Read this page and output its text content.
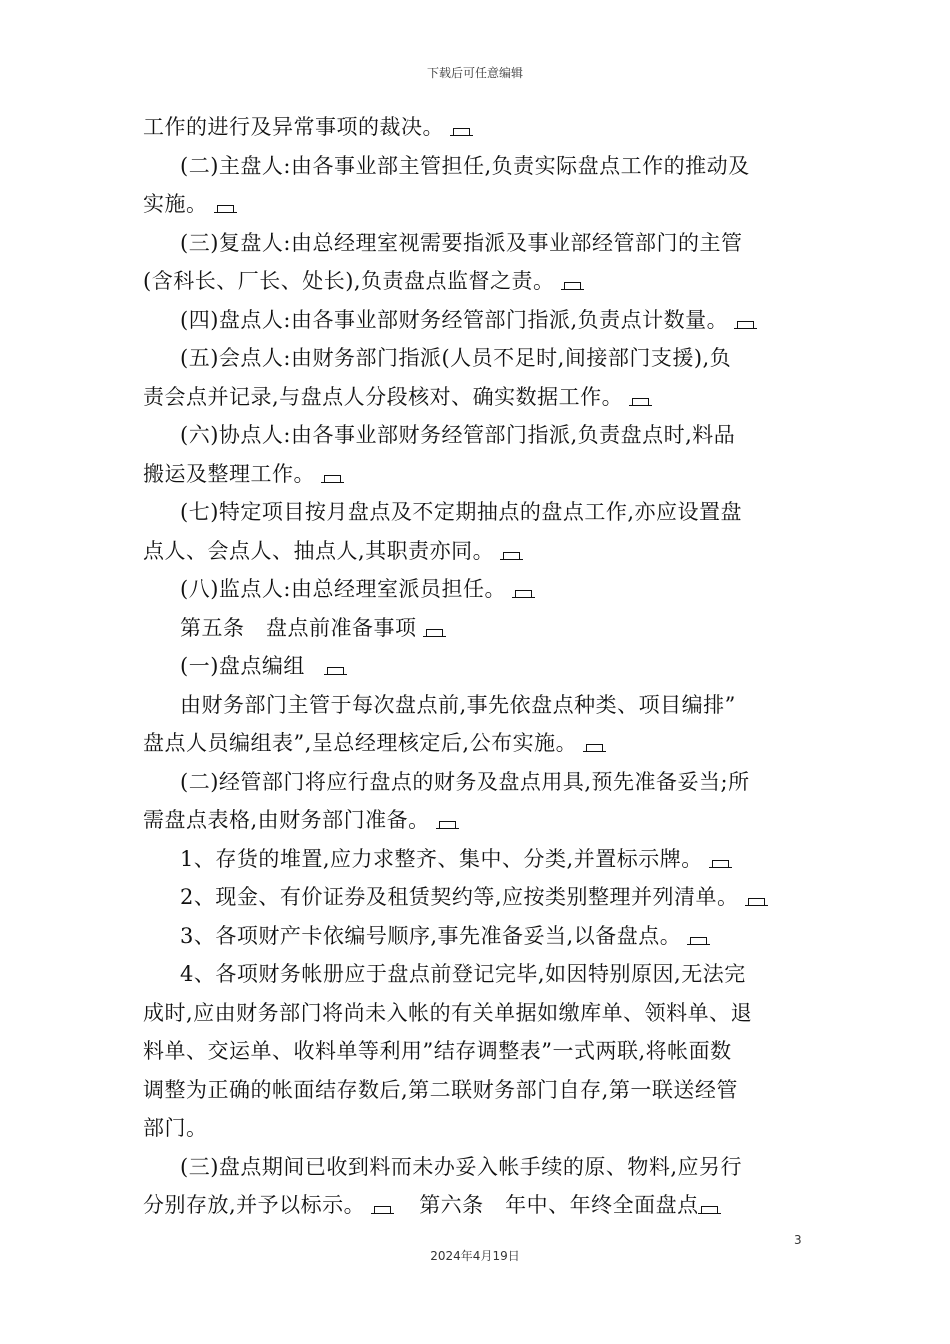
下载后可任意编辑
工作的进行及异常事项的裁决。
(二)主盘人:由各事业部主管担任,负责实际盘点工作的推动及
实施。
(三)复盘人:由总经理室视需要指派及事业部经管部门的主管
(含科长、厂长、处长),负责盘点监督之责。
(四)盘点人:由各事业部财务经管部门指派,负责点计数量。
(五)会点人:由财务部门指派(人员不足时,间接部门支援),负
责会点并记录,与盘点人分段核对、确实数据工作。
(六)协点人:由各事业部财务经管部门指派,负责盘点时,料品
搬运及整理工作。
(七)特定项目按月盘点及不定期抽点的盘点工作,亦应设置盘
点人、会点人、抽点人,其职责亦同。
(八)监点人:由总经理室派员担任。
第五条　盘点前准备事项
(一)盘点编组
由财务部门主管于每次盘点前,事先依盘点种类、项目编排”
盘点人员编组表”,呈总经理核定后,公布实施。
(二)经管部门将应行盘点的财务及盘点用具,预先准备妥当;所
需盘点表格,由财务部门准备。
1、存货的堆置,应力求整齐、集中、分类,并置标示牌。
2、现金、有价证券及租赁契约等,应按类别整理并列清单。
3、各项财产卡依编号顺序,事先准备妥当,以备盘点。
4、各项财务帐册应于盘点前登记完毕,如因特别原因,无法完
成时,应由财务部门将尚未入帐的有关单据如缴库单、领料单、退
料单、交运单、收料单等利用”结存调整表”一式两联,将帐面数
调整为正确的帐面结存数后,第二联财务部门自存,第一联送经管
部门。
(三)盘点期间已收到料而未办妥入帐手续的原、物料,应另行
分别存放,并予以标示。	第六条　年中、年终全面盘点
3
2024年4月19日
